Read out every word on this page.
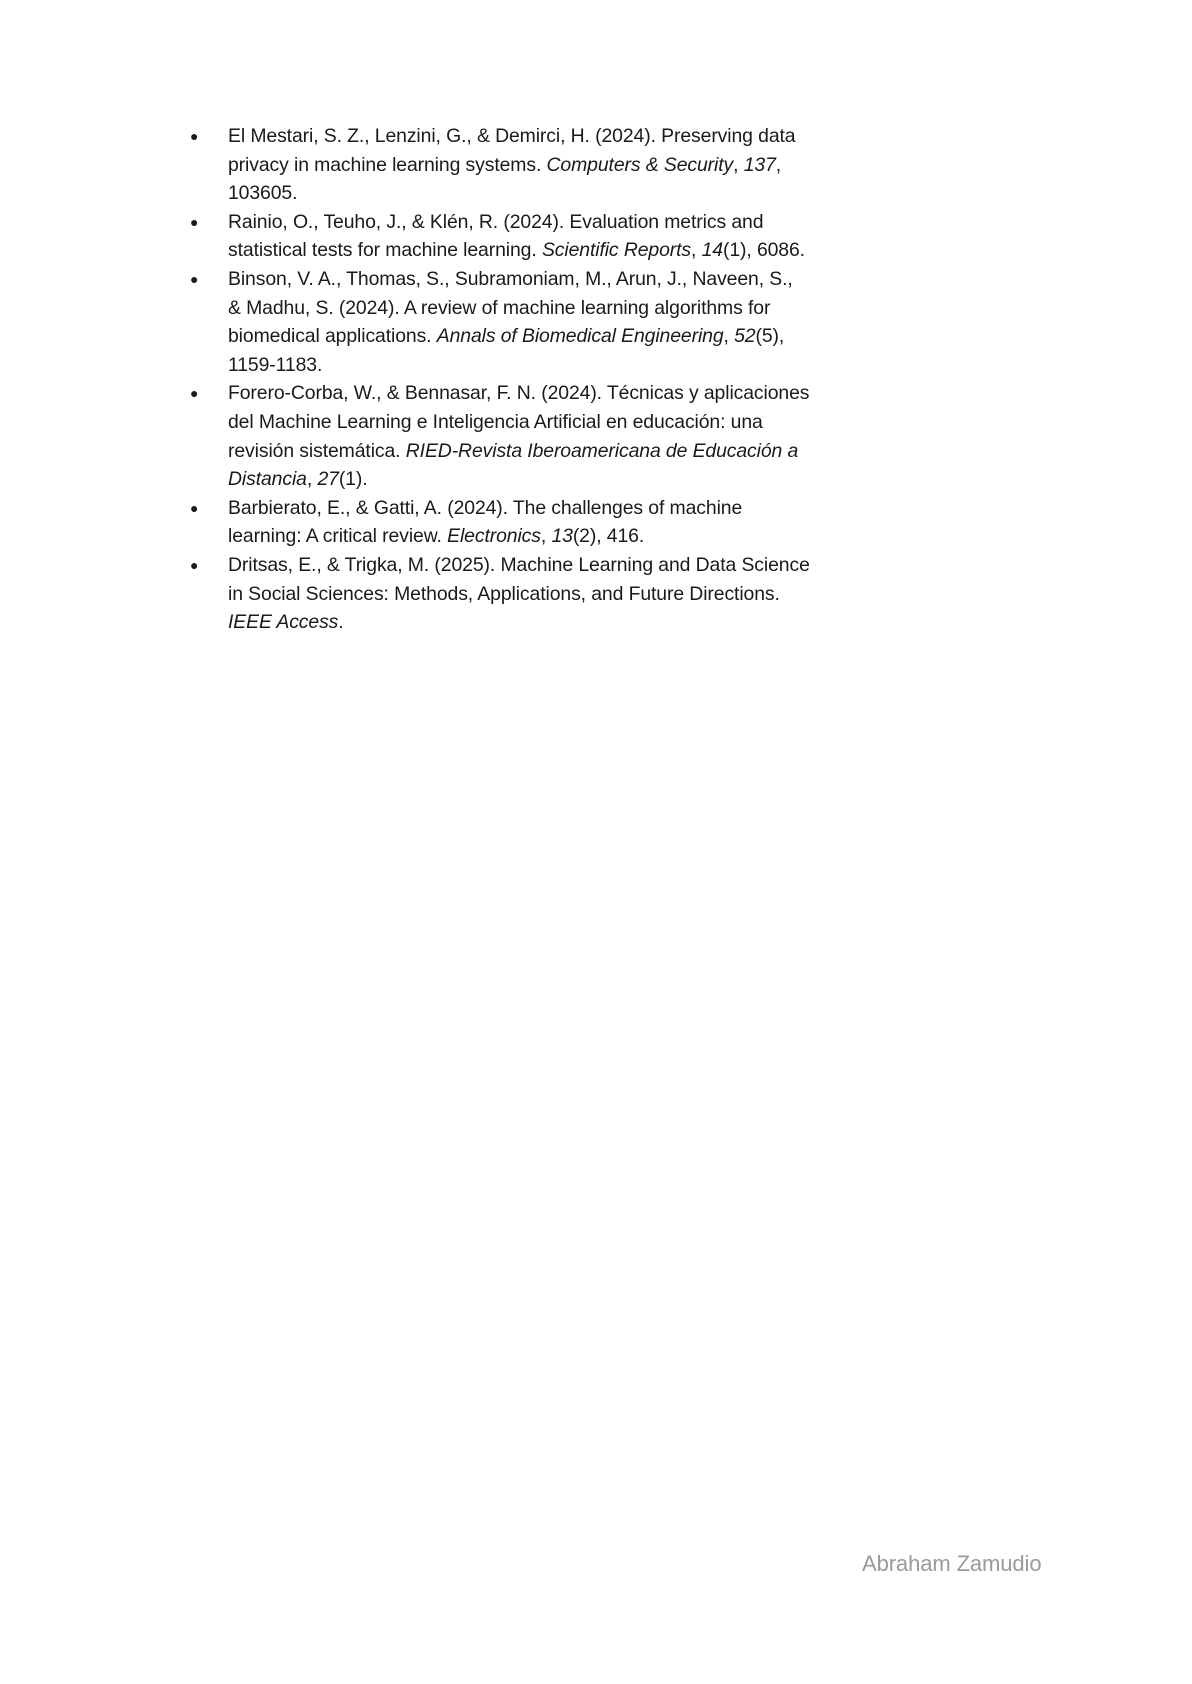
●	El Mestari, S. Z., Lenzini, G., & Demirci, H. (2024). Preserving data privacy in machine learning systems. Computers & Security, 137, 103605.
●	Rainio, O., Teuho, J., & Klén, R. (2024). Evaluation metrics and statistical tests for machine learning. Scientific Reports, 14(1), 6086.
●	Binson, V. A., Thomas, S., Subramoniam, M., Arun, J., Naveen, S., & Madhu, S. (2024). A review of machine learning algorithms for biomedical applications. Annals of Biomedical Engineering, 52(5), 1159-1183.
●	Forero-Corba, W., & Bennasar, F. N. (2024). Técnicas y aplicaciones del Machine Learning e Inteligencia Artificial en educación: una revisión sistemática. RIED-Revista Iberoamericana de Educación a Distancia, 27(1).
●	Barbierato, E., & Gatti, A. (2024). The challenges of machine learning: A critical review. Electronics, 13(2), 416.
●	Dritsas, E., & Trigka, M. (2025). Machine Learning and Data Science in Social Sciences: Methods, Applications, and Future Directions. IEEE Access.
Abraham Zamudio
